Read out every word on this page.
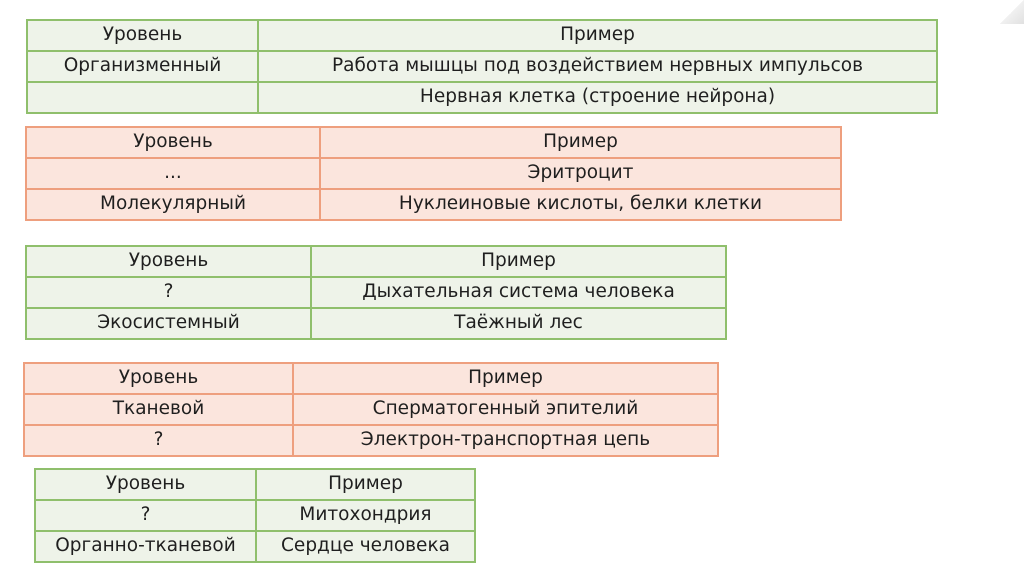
Уровень	Пример
Организменный	Работа мышцы под воздействием нервных импульсов
	Нервная клетка (строение нейрона)
Уровень	Пример
...	Эритроцит
Молекулярный	Нуклеиновые кислоты, белки клетки
Уровень	Пример
?	Дыхательная система человека
Экосистемный	Таёжный лес
Уровень	Пример
Тканевой	Сперматогенный эпителий
?	Электрон-транспортная цепь
Уровень	Пример
?	Митохондрия
Органно-тканевой	Сердце человека
